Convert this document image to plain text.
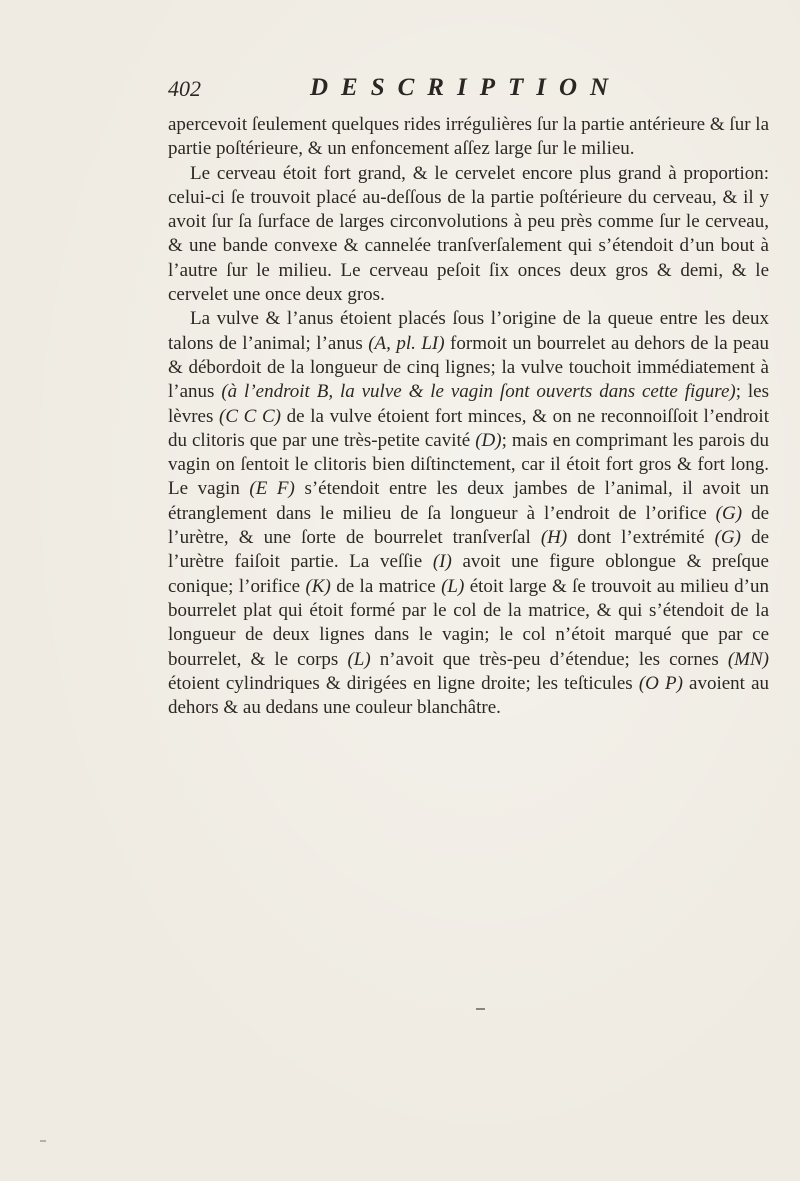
402	DESCRIPTION

apercevoit ſeulement quelques rides irrégulières ſur la partie antérieure & ſur la partie poſtérieure, & un enfoncement aſſez large ſur le milieu.

Le cerveau étoit fort grand, & le cervelet encore plus grand à proportion: celui-ci ſe trouvoit placé au-deſſous de la partie poſtérieure du cerveau, & il y avoit ſur ſa ſurface de larges circonvolutions à peu près comme ſur le cerveau, & une bande convexe & cannelée tranſverſalement qui s’étendoit d’un bout à l’autre ſur le milieu. Le cerveau peſoit ſix onces deux gros & demi, & le cervelet une once deux gros.

La vulve & l’anus étoient placés ſous l’origine de la queue entre les deux talons de l’animal; l’anus (A, pl. LI) formoit un bourrelet au dehors de la peau & débordoit de la longueur de cinq lignes; la vulve touchoit immédiatement à l’anus (à l’endroit B, la vulve & le vagin ſont ouverts dans cette figure); les lèvres (C C C) de la vulve étoient fort minces, & on ne reconnoiſſoit l’endroit du clitoris que par une très-petite cavité (D); mais en comprimant les parois du vagin on ſentoit le clitoris bien diſtinctement, car il étoit fort gros & fort long. Le vagin (E F) s’étendoit entre les deux jambes de l’animal, il avoit un étranglement dans le milieu de ſa longueur à l’endroit de l’orifice (G) de l’urètre, & une ſorte de bourrelet tranſverſal (H) dont l’extrémité (G) de l’urètre faiſoit partie. La veſſie (I) avoit une figure oblongue & preſque conique; l’orifice (K) de la matrice (L) étoit large & ſe trouvoit au milieu d’un bourrelet plat qui étoit formé par le col de la matrice, & qui s’étendoit de la longueur de deux lignes dans le vagin; le col n’étoit marqué que par ce bourrelet, & le corps (L) n’avoit que très-peu d’étendue; les cornes (MN) étoient cylindriques & dirigées en ligne droite; les teſticules (O P) avoient au dehors & au dedans une couleur blanchâtre.
